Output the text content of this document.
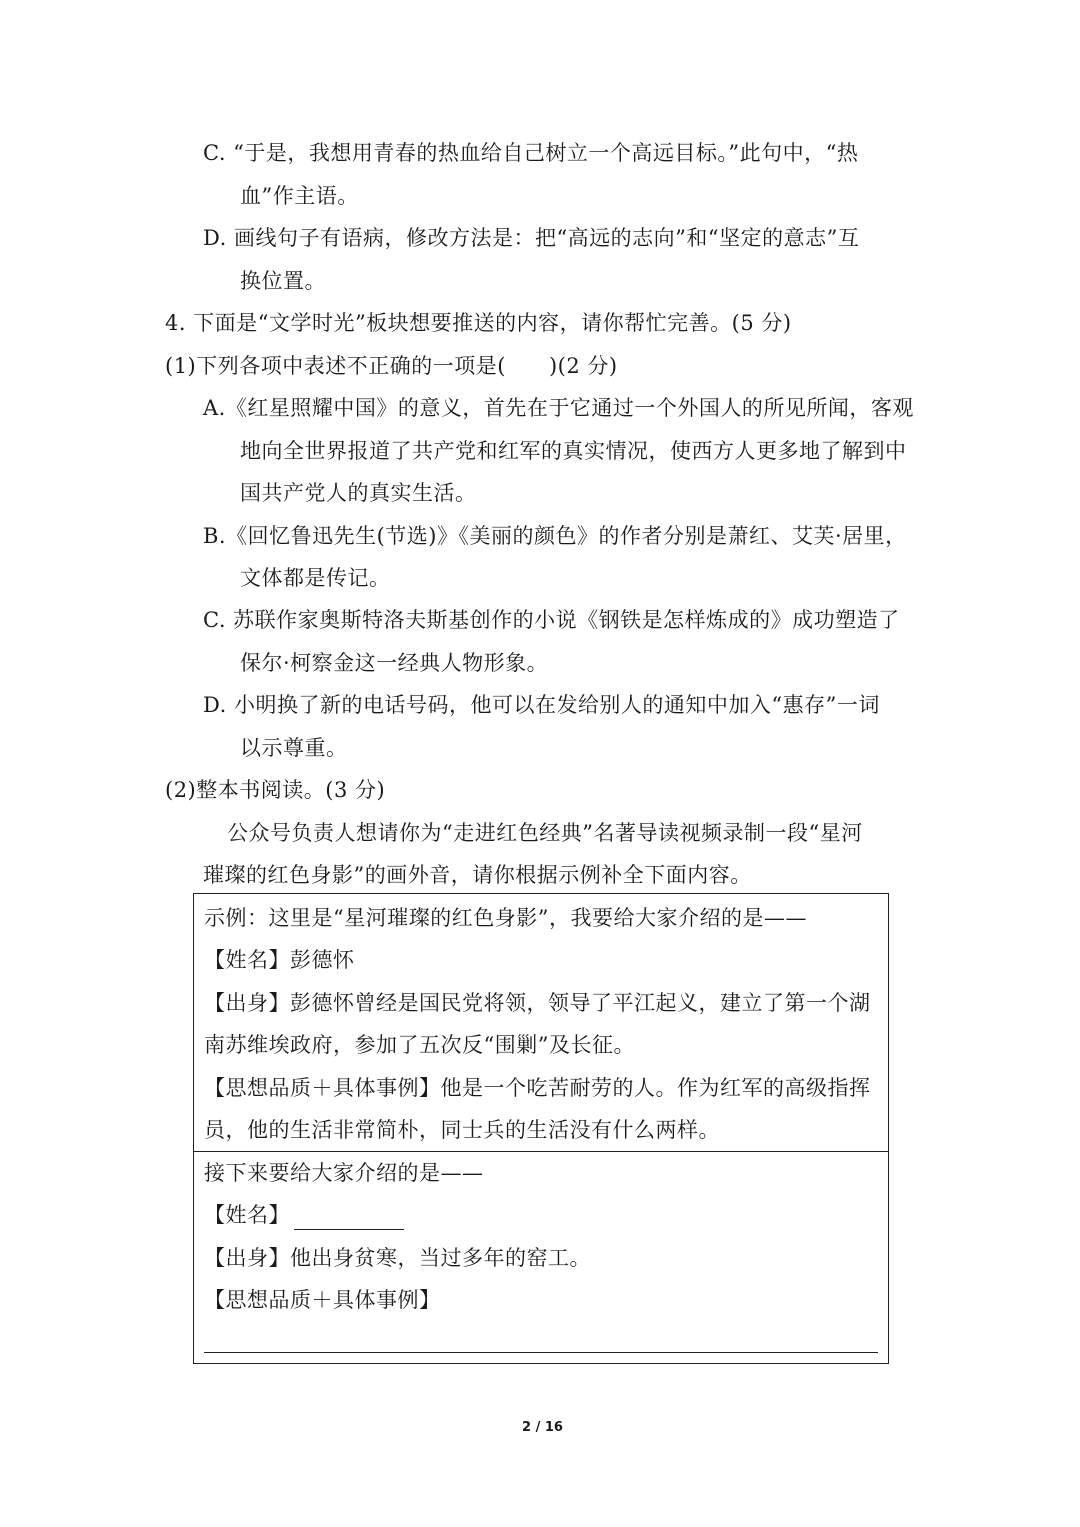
C. “于是，我想用青春的热血给自己树立一个高远目标。”此句中，“热
血”作主语。
D. 画线句子有语病，修改方法是：把“高远的志向”和“坚定的意志”互
换位置。
4. 下面是“文学时光”板块想要推送的内容，请你帮忙完善。(5 分)
(1)下列各项中表述不正确的一项是(　　)(2 分)
A.《红星照耀中国》的意义，首先在于它通过一个外国人的所见所闻，客观
地向全世界报道了共产党和红军的真实情况，使西方人更多地了解到中
国共产党人的真实生活。
B.《回忆鲁迅先生(节选)》《美丽的颜色》的作者分别是萧红、艾芙·居里，
文体都是传记。
C. 苏联作家奥斯特洛夫斯基创作的小说《钢铁是怎样炼成的》成功塑造了
保尔·柯察金这一经典人物形象。
D. 小明换了新的电话号码，他可以在发给别人的通知中加入“惠存”一词
以示尊重。
(2)整本书阅读。(3 分)
公众号负责人想请你为“走进红色经典”名著导读视频录制一段“星河
璀璨的红色身影”的画外音，请你根据示例补全下面内容。
示例：这里是“星河璀璨的红色身影”，我要给大家介绍的是——
【姓名】彭德怀
【出身】彭德怀曾经是国民党将领，领导了平江起义，建立了第一个湖
南苏维埃政府，参加了五次反“围剿”及长征。
【思想品质＋具体事例】他是一个吃苦耐劳的人。作为红军的高级指挥
员，他的生活非常简朴，同士兵的生活没有什么两样。
接下来要给大家介绍的是——
【姓名】
【出身】他出身贫寒，当过多年的窑工。
【思想品质＋具体事例】
2 / 16
